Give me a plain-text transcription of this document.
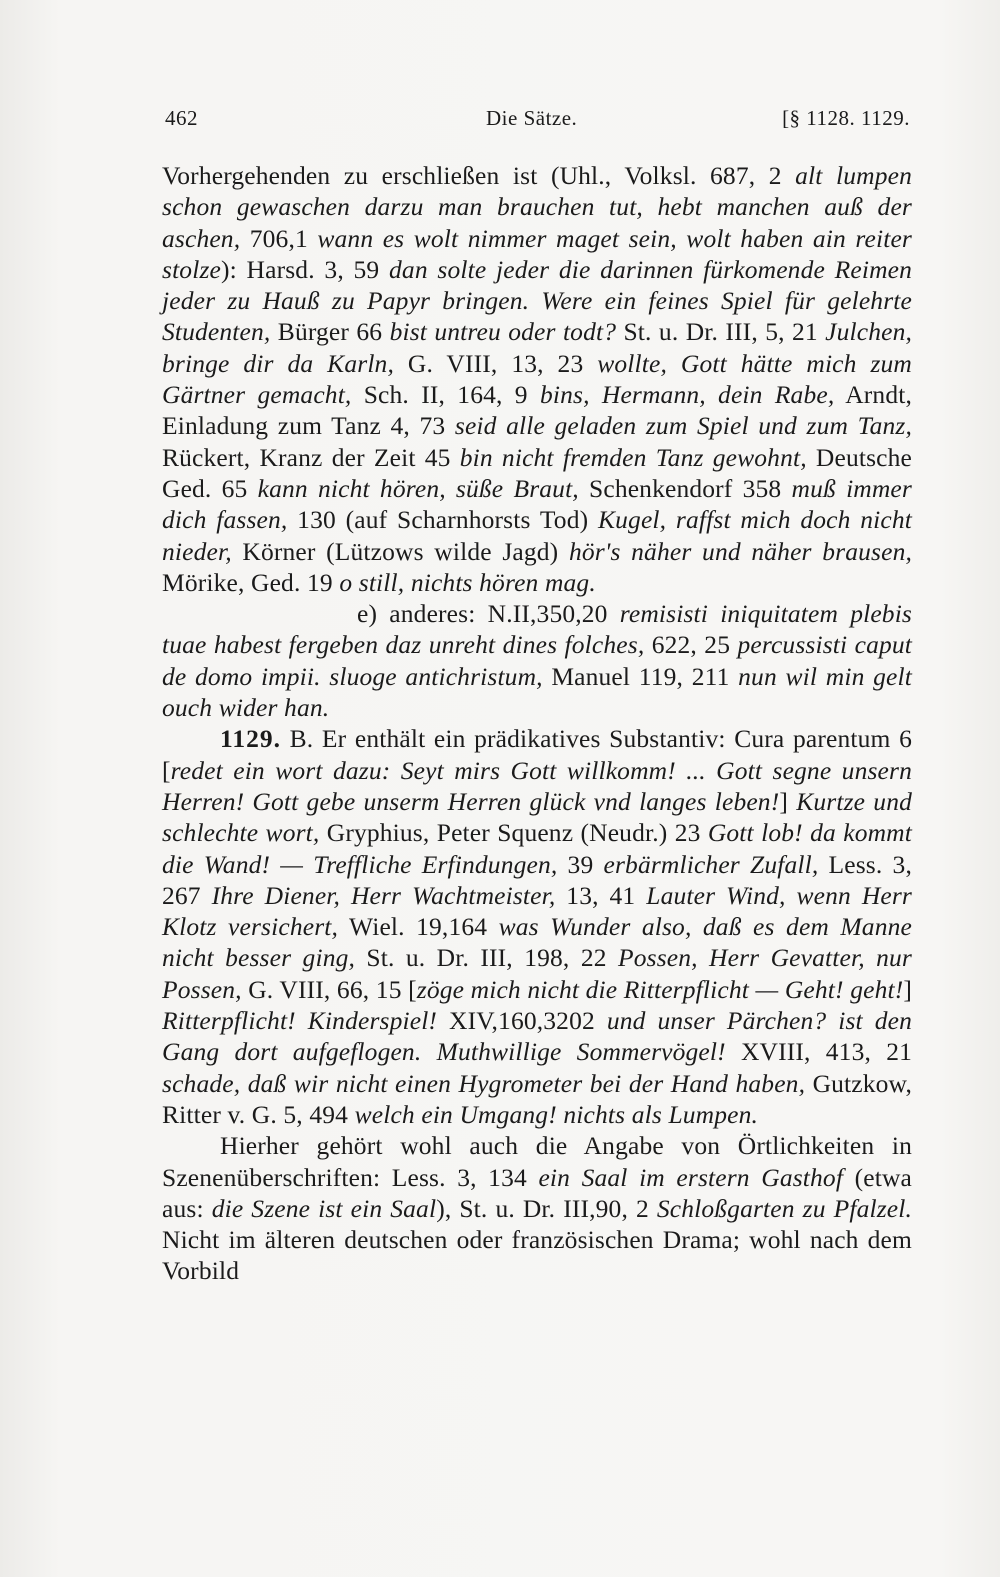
462	Die Sätze.	[§ 1128. 1129.

Vorhergehenden zu erschließen ist (Uhl., Volksl. 687, 2 alt lumpen schon gewaschen darzu man brauchen tut, hebt manchen auß der aschen, 706,1 wann es wolt nimmer maget sein, wolt haben ain reiter stolze): Harsd. 3, 59 dan solte jeder die darinnen fürkomende Reimen jeder zu Hauß zu Papyr bringen. Were ein feines Spiel für gelehrte Studenten, Bürger 66 bist untreu oder todt? St. u. Dr. III, 5, 21 Julchen, bringe dir da Karln, G. VIII, 13, 23 wollte, Gott hätte mich zum Gärtner gemacht, Sch. II, 164, 9 bins, Hermann, dein Rabe, Arndt, Einladung zum Tanz 4, 73 seid alle geladen zum Spiel und zum Tanz, Rückert, Kranz der Zeit 45 bin nicht fremden Tanz gewohnt, Deutsche Ged. 65 kann nicht hören, süße Braut, Schenkendorf 358 muß immer dich fassen, 130 (auf Scharnhorsts Tod) Kugel, raffst mich doch nicht nieder, Körner (Lützows wilde Jagd) hör's näher und näher brausen, Mörike, Ged. 19 o still, nichts hören mag.

e) anderes: N.II,350,20 remisisti iniquitatem plebis tuae habest fergeben daz unreht dines folches, 622, 25 percussisti caput de domo impii. sluoge antichristum, Manuel 119, 211 nun wil min gelt ouch wider han.

1129. B. Er enthält ein prädikatives Substantiv: Cura parentum 6 [redet ein wort dazu: Seyt mirs Gott willkomm! ... Gott segne unsern Herren! Gott gebe unserm Herren glück vnd langes leben!] Kurtze und schlechte wort, Gryphius, Peter Squenz (Neudr.) 23 Gott lob! da kommt die Wand! — Treffliche Erfindungen, 39 erbärmlicher Zufall, Less. 3, 267 Ihre Diener, Herr Wachtmeister, 13, 41 Lauter Wind, wenn Herr Klotz versichert, Wiel. 19,164 was Wunder also, daß es dem Manne nicht besser ging, St. u. Dr. III, 198, 22 Possen, Herr Gevatter, nur Possen, G. VIII, 66, 15 [zöge mich nicht die Ritterpflicht — Geht! geht!] Ritterpflicht! Kinderspiel! XIV,160,3202 und unser Pärchen? ist den Gang dort aufgeflogen. Muthwillige Sommervögel! XVIII, 413, 21 schade, daß wir nicht einen Hygrometer bei der Hand haben, Gutzkow, Ritter v. G. 5, 494 welch ein Umgang! nichts als Lumpen.

Hierher gehört wohl auch die Angabe von Örtlichkeiten in Szenenüberschriften: Less. 3, 134 ein Saal im erstern Gasthof (etwa aus: die Szene ist ein Saal), St. u. Dr. III,90, 2 Schloßgarten zu Pfalzel. Nicht im älteren deutschen oder französischen Drama; wohl nach dem Vorbild
